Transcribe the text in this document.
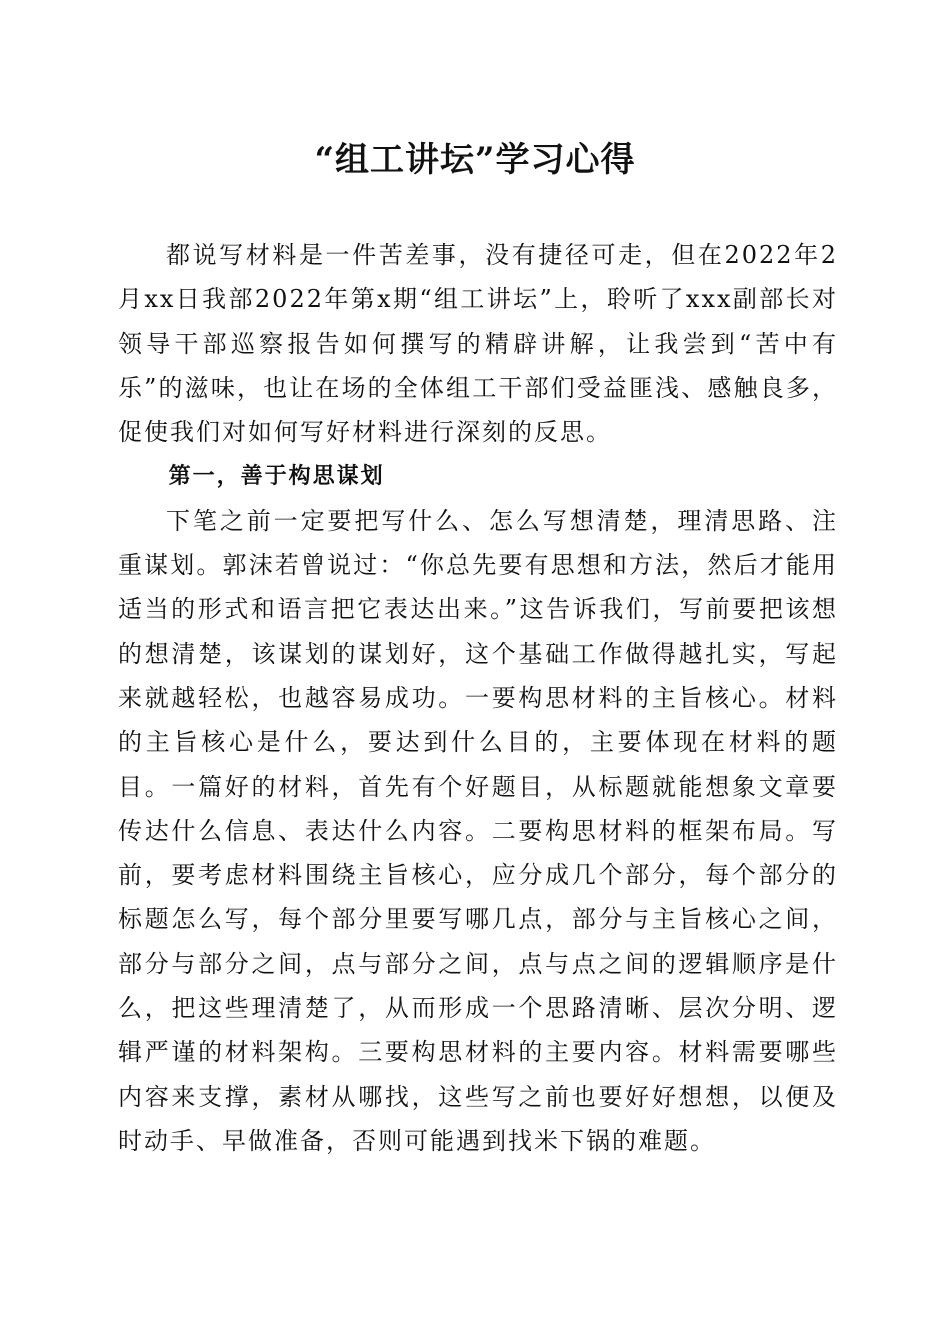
“组工讲坛”学习心得

都说写材料是一件苦差事，没有捷径可走，但在2022年2月xx日我部2022年第x期“组工讲坛”上，聆听了xxx副部长对领导干部巡察报告如何撰写的精辟讲解，让我尝到“苦中有乐”的滋味，也让在场的全体组工干部们受益匪浅、感触良多，促使我们对如何写好材料进行深刻的反思。

第一，善于构思谋划

下笔之前一定要把写什么、怎么写想清楚，理清思路、注重谋划。郭沫若曾说过：“你总先要有思想和方法，然后才能用适当的形式和语言把它表达出来。”这告诉我们，写前要把该想的想清楚，该谋划的谋划好，这个基础工作做得越扎实，写起来就越轻松，也越容易成功。一要构思材料的主旨核心。材料的主旨核心是什么，要达到什么目的，主要体现在材料的题目。一篇好的材料，首先有个好题目，从标题就能想象文章要传达什么信息、表达什么内容。二要构思材料的框架布局。写前，要考虑材料围绕主旨核心，应分成几个部分，每个部分的标题怎么写，每个部分里要写哪几点，部分与主旨核心之间，部分与部分之间，点与部分之间，点与点之间的逻辑顺序是什么，把这些理清楚了，从而形成一个思路清晰、层次分明、逻辑严谨的材料架构。三要构思材料的主要内容。材料需要哪些内容来支撑，素材从哪找，这些写之前也要好好想想，以便及时动手、早做准备，否则可能遇到找米下锅的难题。
